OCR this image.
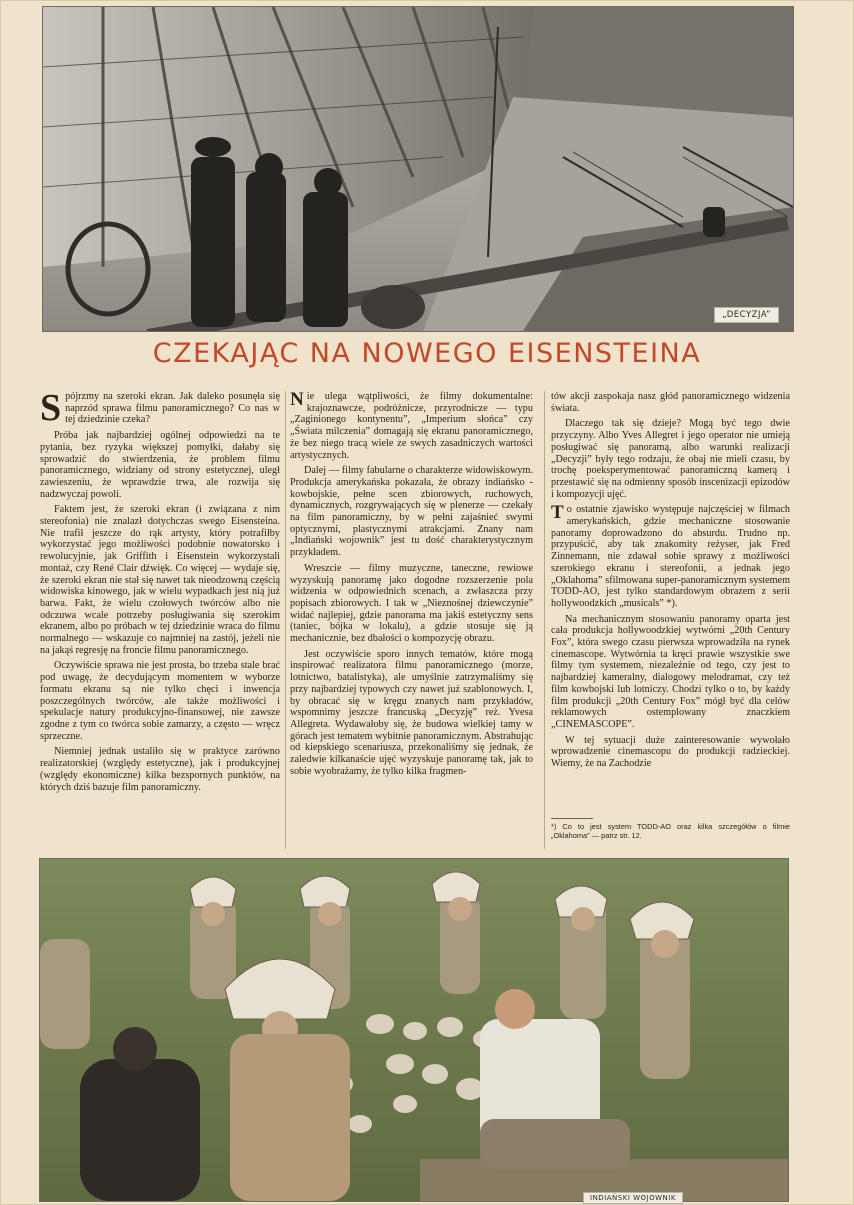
„DECYZJA”
CZEKAJĄC NA NOWEGO EISENSTEINA

Spójrzmy na szeroki ekran. Jak daleko posunęła się naprzód sprawa filmu panoramicznego? Co nas w tej dziedzinie czeka?

Próba jak najbardziej ogólnej odpowiedzi na te pytania, bez ryzyka większej pomyłki, dałaby się sprowadzić do stwierdzenia, że problem filmu panoramicznego, widziany od strony estetycznej, uległ zawieszeniu, że wprawdzie trwa, ale rozwija się nadzwyczaj powoli.

Faktem jest, że szeroki ekran (i związana z nim stereofonia) nie znalazł dotychczas swego Eisensteina. Nie trafił jeszcze do rąk artysty, który potrafiłby wykorzystać jego możliwości podobnie nowatorsko i rewolucyjnie, jak Griffith i Eisenstein wykorzystali montaż, czy René Clair dźwięk. Co więcej — wydaje się, że szeroki ekran nie stał się nawet tak nieodzowną częścią widowiska kinowego, jak w wielu wypadkach jest nią już barwa. Fakt, że wielu czołowych twórców albo nie odczuwa wcale potrzeby posługiwania się szerokim ekranem, albo po próbach w tej dziedzinie wraca do filmu normalnego — wskazuje co najmniej na zastój, jeżeli nie na jakąś regresję na froncie filmu panoramicznego.

Oczywiście sprawa nie jest prosta, bo trzeba stale brać pod uwagę, że decydującym momentem w wyborze formatu ekranu są nie tylko chęci i inwencja poszczególnych twórców, ale także możliwości i spekulacje natury produkcyjno-finansowej, nie zawsze zgodne z tym co twórca sobie zamarzy, a często — wręcz sprzeczne.

Niemniej jednak ustaliło się w praktyce zarówno realizatorskiej (względy estetyczne), jak i produkcyjnej (względy ekonomiczne) kilka bezspornych punktów, na których dziś bazuje film panoramiczny.

Nie ulega wątpliwości, że filmy dokumentalne: krajoznawcze, podróżnicze, przyrodnicze — typu „Zaginionego kontynentu”, „Imperium słońca” czy „Świata milczenia” domagają się ekranu panoramicznego, że bez niego tracą wiele ze swych zasadniczych wartości artystycznych.

Dalej — filmy fabularne o charakterze widowiskowym. Produkcja amerykańska pokazała, że obrazy indiańsko - kowbojskie, pełne scen zbiorowych, ruchowych, dynamicznych, rozgrywających się w plenerze — czekały na film panoramiczny, by w pełni zajaśnieć swymi optycznymi, plastycznymi atrakcjami. Znany nam „Indiański wojownik” jest tu dość charakterystycznym przykładem.

Wreszcie — filmy muzyczne, taneczne, rewiowe wyzyskują panoramę jako dogodne rozszerzenie pola widzenia w odpowiednich scenach, a zwłaszcza przy popisach zbiorowych. I tak w „Nieznośnej dziewczynie” widać najlepiej, gdzie panorama ma jakiś estetyczny sens (taniec, bójka w lokalu), a gdzie stosuje się ją mechanicznie, bez dbałości o kompozycję obrazu.

Jest oczywiście sporo innych tematów, które mogą inspirować realizatora filmu panoramicznego (morze, lotnictwo, batalistyka), ale umyślnie zatrzymaliśmy się przy najbardziej typowych czy nawet już szablonowych. I, by obracać się w kręgu znanych nam przykładów, wspomnimy jeszcze francuską „Decyzję” reż. Yvesa Allegreta. Wydawałoby się, że budowa wielkiej tamy w górach jest tematem wybitnie panoramicznym. Abstrahując od kiepskiego scenariusza, przekonaliśmy się jednak, że zaledwie kilkanaście ujęć wyzyskuje panoramę tak, jak to sobie wyobrażamy, że tylko kilka fragmen-

tów akcji zaspokaja nasz głód panoramicznego widzenia świata.

Dlaczego tak się dzieje? Mogą być tego dwie przyczyny. Albo Yves Allegret i jego operator nie umieją posługiwać się panoramą, albo warunki realizacji „Decyzji” były tego rodzaju, że obaj nie mieli czasu, by trochę poeksperymentować panoramiczną kamerą i przestawić się na odmienny sposób inscenizacji epizodów i kompozycji ujęć.

To ostatnie zjawisko występuje najczęściej w filmach amerykańskich, gdzie mechaniczne stosowanie panoramy doprowadzono do absurdu. Trudno np. przypuścić, aby tak znakomity reżyser, jak Fred Zinnemann, nie zdawał sobie sprawy z możliwości szerokiego ekranu i stereofonii, a jednak jego „Oklahoma” sfilmowana super-panoramicznym systemem TODD-AO, jest tylko standardowym obrazem z serii hollywoodzkich „musicals” *).

Na mechanicznym stosowaniu panoramy oparta jest cała produkcja hollywoodzkiej wytwórni „20th Century Fox”, która swego czasu pierwsza wprowadziła na rynek cinemascope. Wytwórnia ta kręci prawie wszystkie swe filmy tym systemem, niezależnie od tego, czy jest to najbardziej kameralny, dialogowy melodramat, czy też film kowbojski lub lotniczy. Chodzi tylko o to, by każdy film produkcji „20th Century Fox” mógł być dla celów reklamowych ostemplowany znaczkiem „CINEMASCOPE”.

W tej sytuacji duże zainteresowanie wywołało wprowadzenie cinemascopu do produkcji radzieckiej. Wiemy, że na Zachodzie

*) Co to jest system TODD-AO oraz kilka szczegółów o filmie „Oklahoma” — patrz str. 12.

INDIAŃSKI WOJOWNIK
